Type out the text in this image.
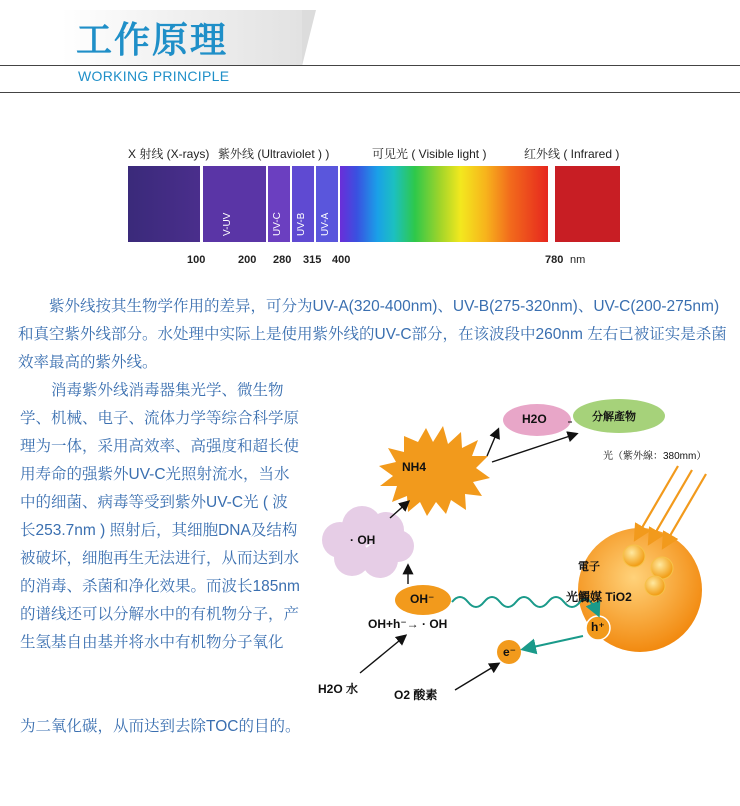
工作原理
WORKING PRINCIPLE
X 射线 (X-rays) 紫外线 (Ultraviolet ) )	可见光 ( Visible light )	红外线 ( Infrared )
V-UV	UV-C UV-B UV-A
100	200 280 315 400	780 nm
　　紫外线按其生物学作用的差异，可分为UV-A(320-400nm)、UV-B(275-320nm)、UV-C(200-275nm)和真空紫外线部分。水处理中实际上是使用紫外线的UV-C部分，在该波段中260nm 左右已被证实是杀菌效率最高的紫外线。
　　消毒紫外线消毒器集光学、微生物学、机械、电子、流体力学等综合科学原理为一体，采用高效率、高强度和超长使用寿命的强紫外UV-C光照射流水，当水中的细菌、病毒等受到紫外UV-C光 ( 波长253.7nm ) 照射后，其细胞DNA及结构被破坏，细胞再生无法进行，从而达到水的消毒、杀菌和净化效果。而波长185nm的谱线还可以分解水中的有机物分子，产生氢基自由基并将水中有机物分子氧化
为二氧化碳，从而达到去除TOC的目的。
H2O	分解產物
光（紫外線：380mm）
NH4
· OH
電子
光觸媒 TiO2
OH⁻
h⁺
OH+h⁻→ · OH
e⁻
H2O 水	O2 酸素
